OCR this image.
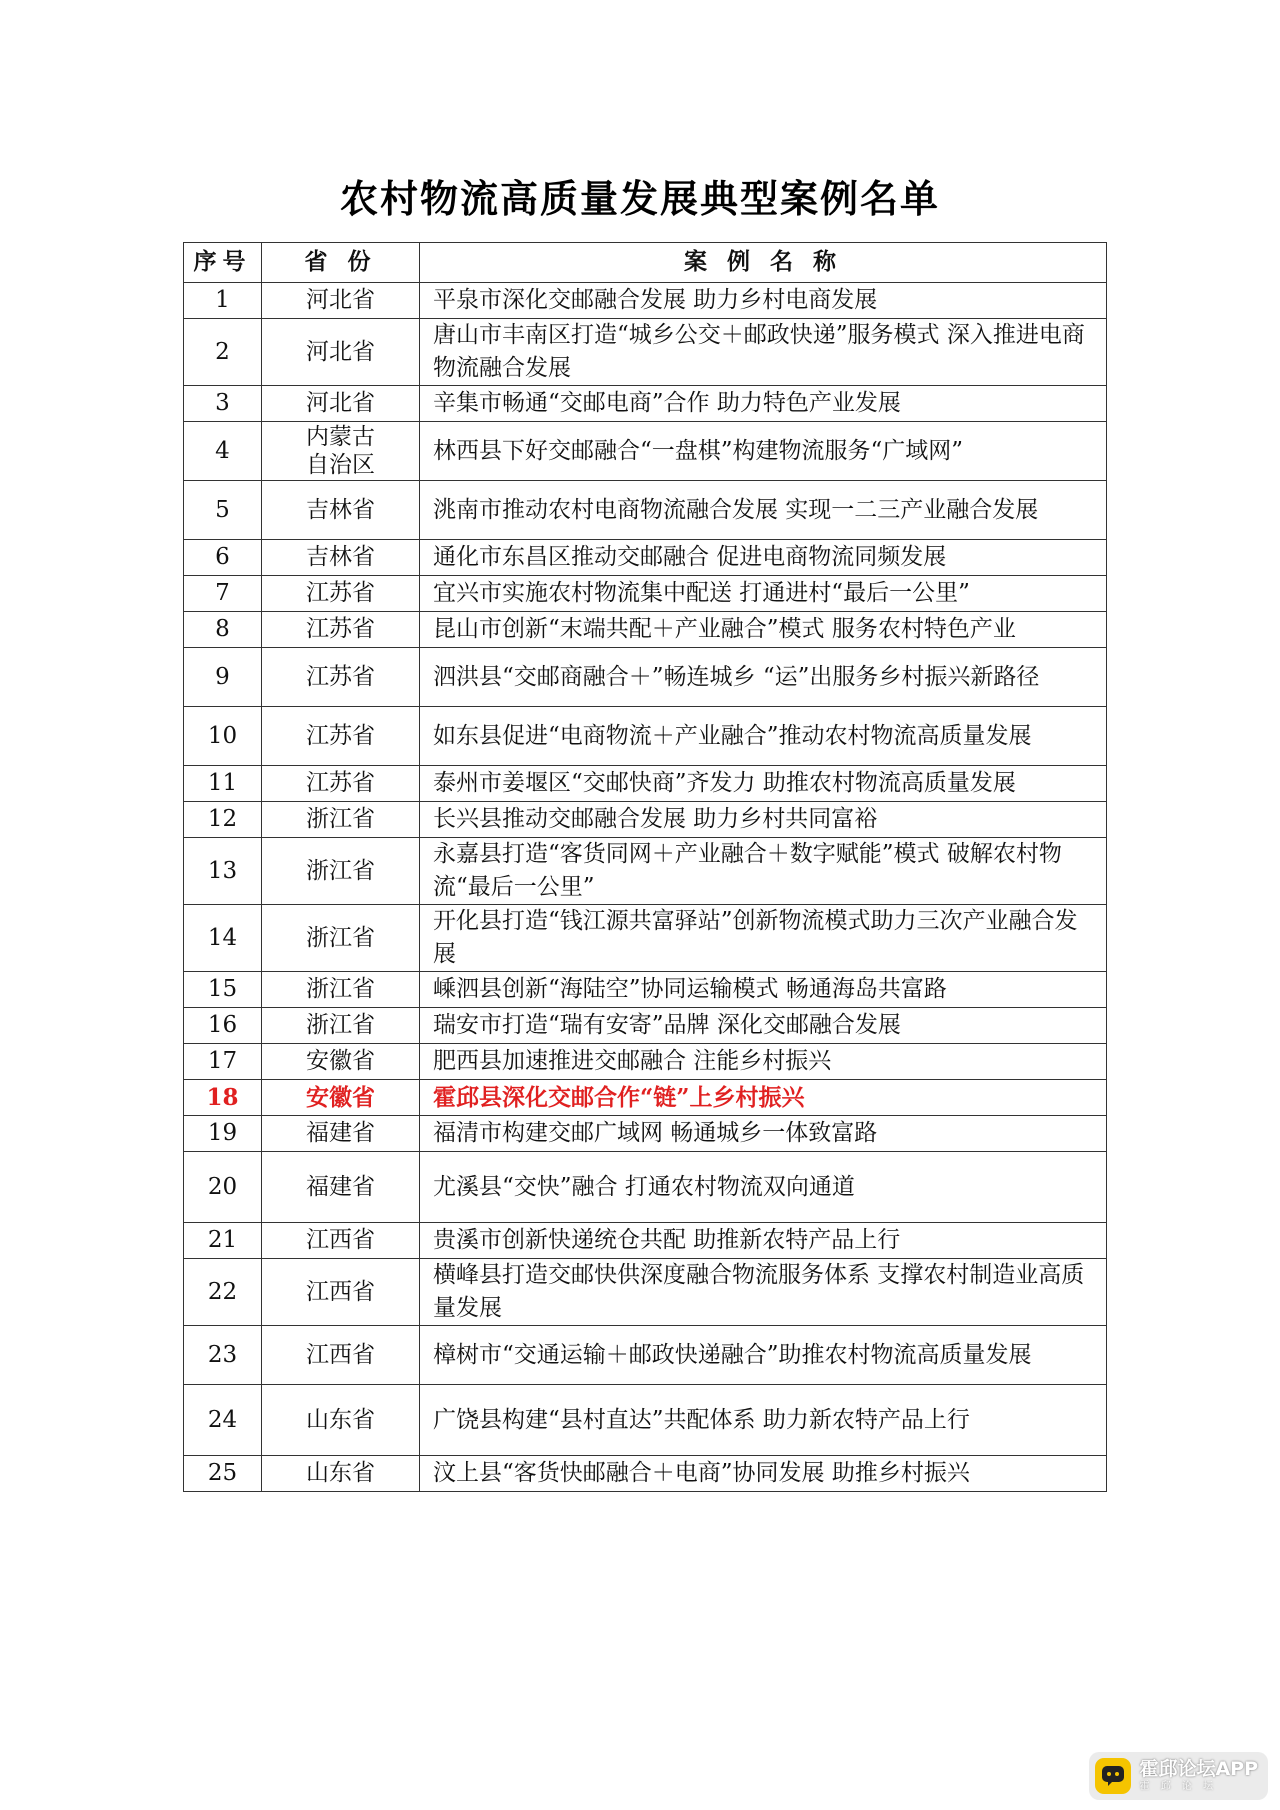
农村物流高质量发展典型案例名单
序号	省 份	案 例 名 称
1	河北省	平泉市深化交邮融合发展 助力乡村电商发展
2	河北省	唐山市丰南区打造“城乡公交＋邮政快递”服务模式 深入推进电商物流融合发展
3	河北省	辛集市畅通“交邮电商”合作 助力特色产业发展
4	内蒙古自治区	林西县下好交邮融合“一盘棋”构建物流服务“广域网”
5	吉林省	洮南市推动农村电商物流融合发展 实现一二三产业融合发展
6	吉林省	通化市东昌区推动交邮融合 促进电商物流同频发展
7	江苏省	宜兴市实施农村物流集中配送 打通进村“最后一公里”
8	江苏省	昆山市创新“末端共配＋产业融合”模式 服务农村特色产业
9	江苏省	泗洪县“交邮商融合＋”畅连城乡 “运”出服务乡村振兴新路径
10	江苏省	如东县促进“电商物流＋产业融合”推动农村物流高质量发展
11	江苏省	泰州市姜堰区“交邮快商”齐发力 助推农村物流高质量发展
12	浙江省	长兴县推动交邮融合发展 助力乡村共同富裕
13	浙江省	永嘉县打造“客货同网＋产业融合＋数字赋能”模式 破解农村物流“最后一公里”
14	浙江省	开化县打造“钱江源共富驿站”创新物流模式助力三次产业融合发展
15	浙江省	嵊泗县创新“海陆空”协同运输模式 畅通海岛共富路
16	浙江省	瑞安市打造“瑞有安寄”品牌 深化交邮融合发展
17	安徽省	肥西县加速推进交邮融合 注能乡村振兴
18	安徽省	霍邱县深化交邮合作“链”上乡村振兴
19	福建省	福清市构建交邮广域网 畅通城乡一体致富路
20	福建省	尤溪县“交快”融合 打通农村物流双向通道
21	江西省	贵溪市创新快递统仓共配 助推新农特产品上行
22	江西省	横峰县打造交邮快供深度融合物流服务体系 支撑农村制造业高质量发展
23	江西省	樟树市“交通运输＋邮政快递融合”助推农村物流高质量发展
24	山东省	广饶县构建“县村直达”共配体系 助力新农特产品上行
25	山东省	汶上县“客货快邮融合＋电商”协同发展 助推乡村振兴
霍邱论坛APP
霍 邱 论 坛
